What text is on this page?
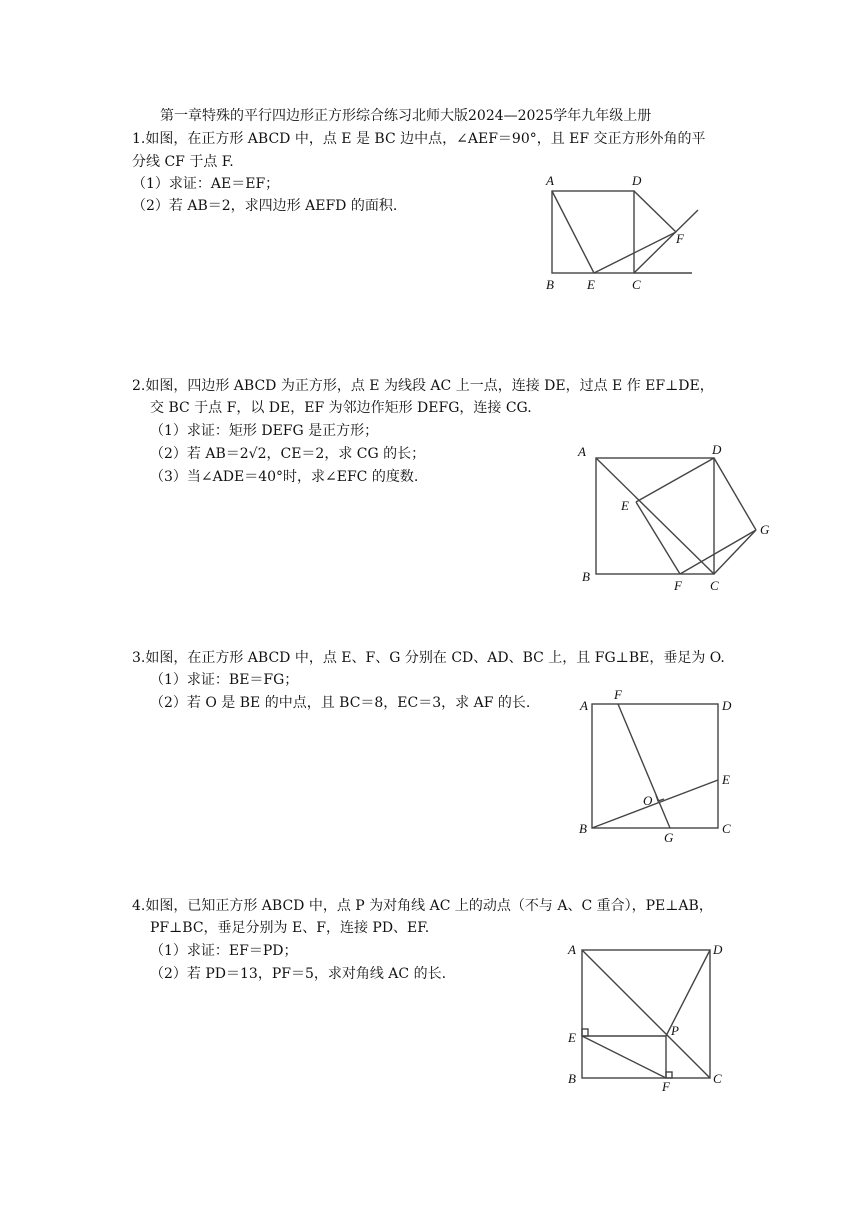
第一章特殊的平行四边形正方形综合练习北师大版2024—2025学年九年级上册
1.如图，在正方形 ABCD 中，点 E 是 BC 边中点，∠AEF＝90°，且 EF 交正方形外角的平
分线 CF 于点 F.
（1）求证：AE＝EF；
（2）若 AB＝2，求四边形 AEFD 的面积.
A	D
F
B	E	C
2.如图，四边形 ABCD 为正方形，点 E 为线段 AC 上一点，连接 DE，过点 E 作 EF⊥DE，
交 BC 于点 F，以 DE，EF 为邻边作矩形 DEFG，连接 CG.
（1）求证：矩形 DEFG 是正方形；
（2）若 AB＝2√2，CE＝2，求 CG 的长；
（3）当∠ADE＝40°时，求∠EFC 的度数.
A	D
E
G
B
F C
3.如图，在正方形 ABCD 中，点 E、F、G 分别在 CD、AD、BC 上，且 FG⊥BE，垂足为 O.
（1）求证：BE＝FG；
（2）若 O 是 BE 的中点，且 BC＝8，EC＝3，求 AF 的长.
F
A	D
E
O
B
G
C
4.如图，已知正方形 ABCD 中，点 P 为对角线 AC 上的动点（不与 A、C 重合），PE⊥AB，
PF⊥BC，垂足分别为 E、F，连接 PD、EF.
（1）求证：EF＝PD；
（2）若 PD＝13，PF＝5，求对角线 AC 的长.
A	D
P
E
B
F
C
